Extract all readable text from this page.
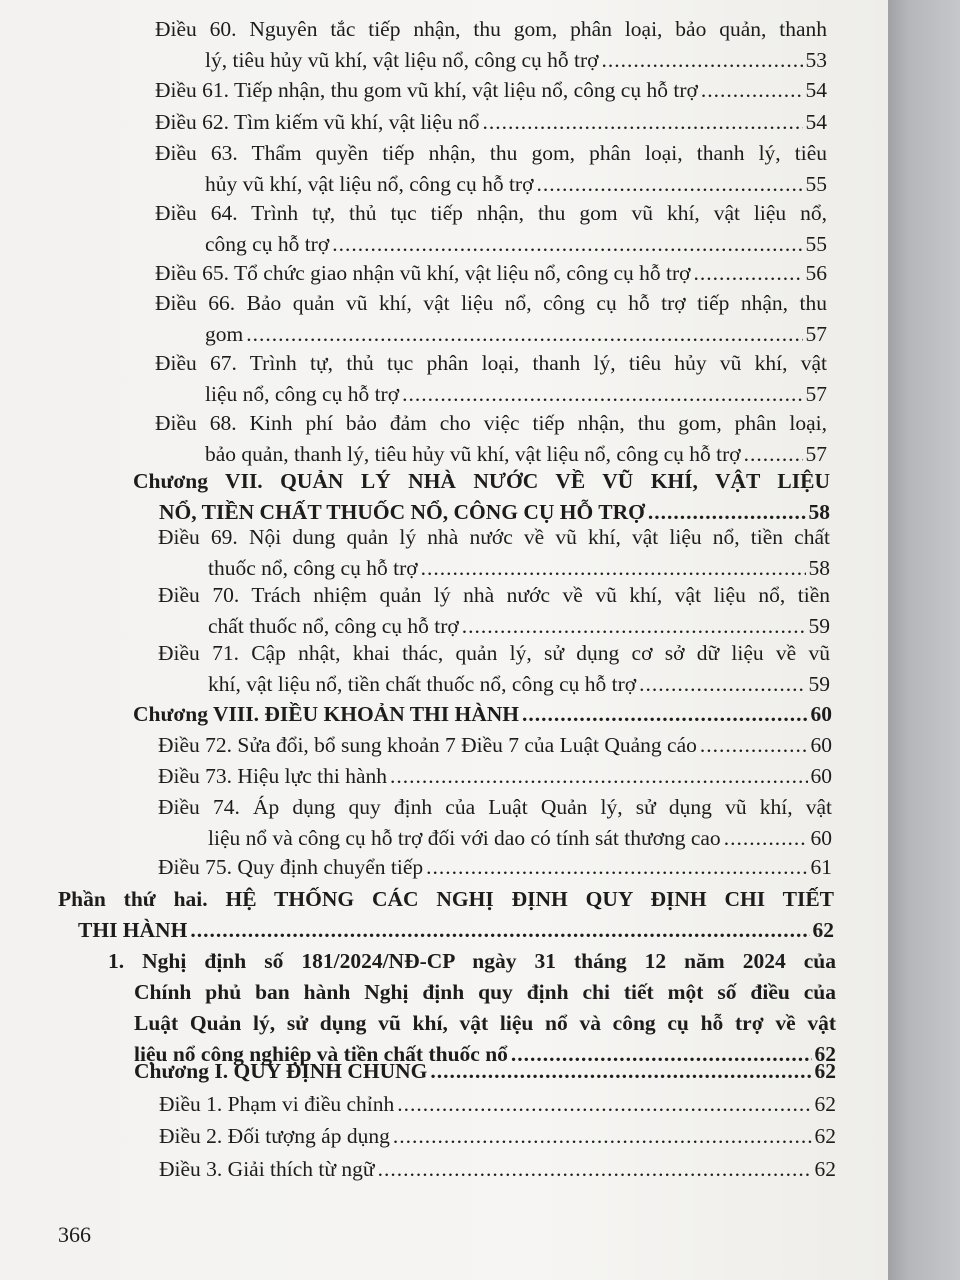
Điều 60. Nguyên tắc tiếp nhận, thu gom, phân loại, bảo quản, thanh
lý, tiêu hủy vũ khí, vật liệu nổ, công cụ hỗ trợ .....	53
Điều 61. Tiếp nhận, thu gom vũ khí, vật liệu nổ, công cụ hỗ trợ .....	54
Điều 62. Tìm kiếm vũ khí, vật liệu nổ .....	54
Điều 63. Thẩm quyền tiếp nhận, thu gom, phân loại, thanh lý, tiêu
hủy vũ khí, vật liệu nổ, công cụ hỗ trợ .....	55
Điều 64. Trình tự, thủ tục tiếp nhận, thu gom vũ khí, vật liệu nổ,
công cụ hỗ trợ .....	55
Điều 65. Tổ chức giao nhận vũ khí, vật liệu nổ, công cụ hỗ trợ .....	56
Điều 66. Bảo quản vũ khí, vật liệu nổ, công cụ hỗ trợ tiếp nhận, thu
gom .....	57
Điều 67. Trình tự, thủ tục phân loại, thanh lý, tiêu hủy vũ khí, vật
liệu nổ, công cụ hỗ trợ .....	57
Điều 68. Kinh phí bảo đảm cho việc tiếp nhận, thu gom, phân loại,
bảo quản, thanh lý, tiêu hủy vũ khí, vật liệu nổ, công cụ hỗ trợ .....	57
Chương VII. QUẢN LÝ NHÀ NƯỚC VỀ VŨ KHÍ, VẬT LIỆU
NỔ, TIỀN CHẤT THUỐC NỔ, CÔNG CỤ HỖ TRỢ .....	58
Điều 69. Nội dung quản lý nhà nước về vũ khí, vật liệu nổ, tiền chất
thuốc nổ, công cụ hỗ trợ .....	58
Điều 70. Trách nhiệm quản lý nhà nước về vũ khí, vật liệu nổ, tiền
chất thuốc nổ, công cụ hỗ trợ .....	59
Điều 71. Cập nhật, khai thác, quản lý, sử dụng cơ sở dữ liệu về vũ
khí, vật liệu nổ, tiền chất thuốc nổ, công cụ hỗ trợ .....	59
Chương VIII. ĐIỀU KHOẢN THI HÀNH .....	60
Điều 72. Sửa đổi, bổ sung khoản 7 Điều 7 của Luật Quảng cáo .....	60
Điều 73. Hiệu lực thi hành .....	60
Điều 74. Áp dụng quy định của Luật Quản lý, sử dụng vũ khí, vật
liệu nổ và công cụ hỗ trợ đối với dao có tính sát thương cao .....	60
Điều 75. Quy định chuyển tiếp .....	61
Phần thứ hai. HỆ THỐNG CÁC NGHỊ ĐỊNH QUY ĐỊNH CHI TIẾT
THI HÀNH .....	62
1. Nghị định số 181/2024/NĐ-CP ngày 31 tháng 12 năm 2024 của
Chính phủ ban hành Nghị định quy định chi tiết một số điều của
Luật Quản lý, sử dụng vũ khí, vật liệu nổ và công cụ hỗ trợ về vật
liệu nổ công nghiệp và tiền chất thuốc nổ .....	62
Chương I. QUY ĐỊNH CHUNG .....	62
Điều 1. Phạm vi điều chỉnh .....	62
Điều 2. Đối tượng áp dụng .....	62
Điều 3. Giải thích từ ngữ .....	62
366
